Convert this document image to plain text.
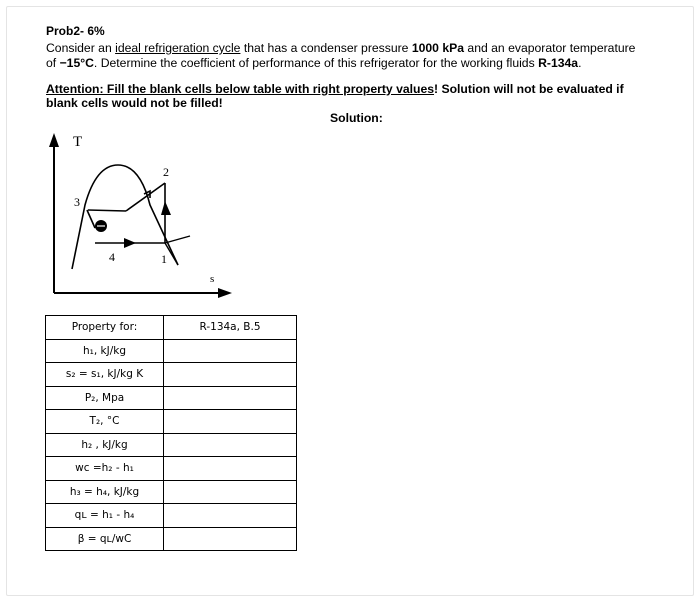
Prob2- 6%
Consider an ideal refrigeration cycle that has a condenser pressure 1000 kPa and an evaporator temperature
of −15°C. Determine the coefficient of performance of this refrigerator for the working fluids R-134a.
Attention: Fill the blank cells below table with right property values! Solution will not be evaluated if blank cells would not be filled!
Solution:
T
s
3
4	1
2
Property for:	R-134a, B.5
h₁, kJ/kg	
s₂ = s₁, kJ/kg K	
P₂, Mpa	
T₂, °C	
h₂ , kJ/kg	
wc =h₂ - h₁	
h₃ = h₄, kJ/kg	
qʟ = h₁ - h₄	
β = qʟ/wC	
